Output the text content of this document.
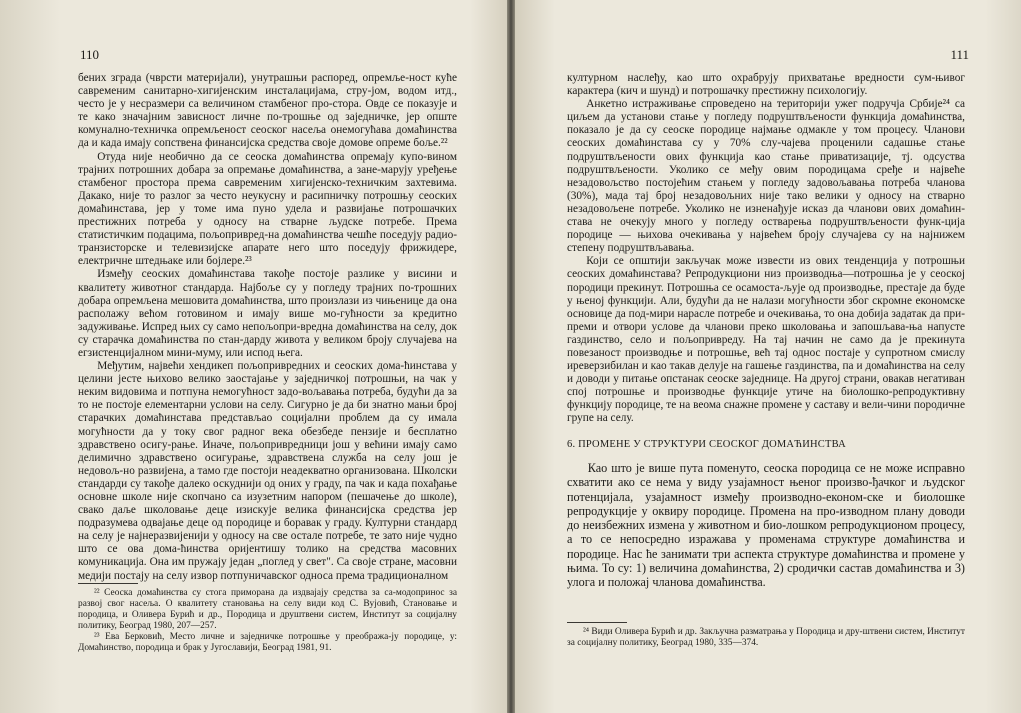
110

бених зграда (чврсти материјали), унутрашњи распоред, опремље-ност куће савременим санитарно-хигијенским инсталацијама, стру-јом, водом итд., често је у несразмери са величином стамбеног про-стора. Овде се показује и те како значајним зависност личне по-трошње од заједничке, јер опште комунално-техничка опремљеност сеоског насеља онемогућава домаћинства да и када имају сопствена финансијска средства своје домове опреме боље.²²

Отуда није необично да се сеоска домаћинства опремају купо-вином трајних потрошних добара за опремање домаћинства, а зане-марују уређење стамбеног простора према савременим хигијенско-техничким захтевима. Дакако, није то разлог за често неукусну и расипничку потрошњу сеоских домаћинстава, јер у томе има пуно удела и развијање потрошачких престижних потреба у односу на стварне људске потребе. Према статистичким подацима, пољопривред-на домаћинства чешће поседују радио-транзисторске и телевизијске апарате него што поседују фрижидере, електричне штедњаке или бојлере.²³

Између сеоских домаћинстава такође постоје разлике у висини и квалитету животног стандарда. Најбоље су у погледу трајних по-трошних добара опремљена мешовита домаћинства, што произлази из чињенице да она располажу већом готовином и имају више мо-гућности за кредитно задуживање. Испред њих су само непољопри-вредна домаћинства на селу, док су старачка домаћинства по стан-дарду живота у великом броју случајева на егзистенцијалном мини-муму, или испод њега.

Међутим, највећи хендикеп пољопривредних и сеоских дома-ћинстава у целини јесте њихово велико заостајање у заједничкој потрошњи, на чак у неким видовима и потпуна немогућност задо-вољавања потреба, будући да за то не постоје елементарни услови на селу. Сигурно је да би знатно мањи број старачких домаћинстава представљао социјални проблем да су имала могућности да у току свог радног века обезбеде пензије и бесплатно здравствено осигу-рање. Иначе, пољопривредници још у већини имају само делимично здравствено осигурање, здравствена служба на селу још је недовољ-но развијена, а тамо где постоји неадекватно организована. Школски стандарди су такође далеко оскуднији од оних у граду, па чак и када похађање основне школе није скопчано са изузетним напором (пешачење до школе), свако даље школовање деце изискује велика финансијска средства јер подразумева одвајање деце од породице и боравак у граду. Културни стандард на селу је најнеразвијенији у односу на све остале потребе, те зато није чудно што се ова дома-ћинства оријентишу толико на средства масовних комуникација. Она им пружају један „поглед у свет". Са своје стране, масовни медији постају на селу извор потпуничавског односа према традиционалном

²² Сеоска домаћинства су стога приморана да издвајају средства за са-модопринос за развој свог насеља. О квалитету становања на селу види код С. Вујовић, Становање и породица, и Оливера Бурић и др., Породица и друштвени систем, Институт за социјалну политику, Београд 1980, 207—257.

²³ Ева Берковић, Место личне и заједничке потрошње у преобража-ју породице, у: Домаћинство, породица и брак у Југославији, Београд 1981, 91.

111

културном наслеђу, као што охрабрују прихватање вредности сум-њивог карактера (кич и шунд) и потрошачку престижну психологију.

Анкетно истраживање спроведено на територији ужег подручја Србије²⁴ са циљем да установи стање у погледу подруштвљености функција домаћинства, показало је да су сеоске породице најмање одмакле у том процесу. Чланови сеоских домаћинстава су у 70% слу-чајева проценили садашње стање подруштвљености ових функција као стање приватизације, тј. одсуства подруштвљености. Уколико се међу овим породицама сређе и највеће незадовољство постојећим стањем у погледу задовољавања потреба чланова (30%), мада тај број незадовољних није тако велики у односу на стварно незадовољене потребе. Уколико не изненађује исказ да чланови ових домаћин-става не очекују много у погледу остварења подруштвљености функ-ција породице — њихова очекивања у највећем броју случајева су на најнижем степену подруштвљавања.

Који се општији закључак може извести из ових тенденција у потрошњи сеоских домаћинстава? Репродукциони низ производња—потрошња је у сеоској породици прекинут. Потрошња се осамоста-љује од производње, престаје да буде у њеној функцији. Али, будући да не налази могућности због скромне економске основице да под-мири нарасле потребе и очекивања, то она добија задатак да при-преми и отвори услове да чланови преко школовања и запошљава-ња напусте газдинство, село и пољопривреду. На тај начин не само да је прекинута повезаност производње и потрошње, већ тај однос постаје у супротном смислу иреверзибилан и као такав делује на гашење газдинства, па и домаћинства на селу и доводи у питање опстанак сеоске заједнице. На другој страни, овакав негативан спој потрошње и производње функције утиче на биолошко-репродуктивну функцију породице, те на веома снажне промене у саставу и вели-чини породичне групе на селу.

6. ПРОМЕНЕ У СТРУКТУРИ СЕОСКОГ ДОМАЋИНСТВА

Као што је више пута поменуто, сеоска породица се не може исправно схватити ако се нема у виду узајамност њеног произво-ђачког и људског потенцијала, узајамност између производно-економ-ске и биолошке репродукције у оквиру породице. Промена на про-изводном плану доводи до неизбежних измена у животном и био-лошком репродукционом процесу, а то се непосредно изражава у променама структуре домаћинства и породице. Нас ће занимати три аспекта структуре домаћинства и промене у њима. То су: 1) величина домаћинства, 2) сродички састав домаћинства и 3) улога и положај чланова домаћинства.

²⁴ Види Оливера Бурић и др. Закључна разматрања у Породица и дру-штвени систем, Институт за социјалну политику, Београд 1980, 335—374.
